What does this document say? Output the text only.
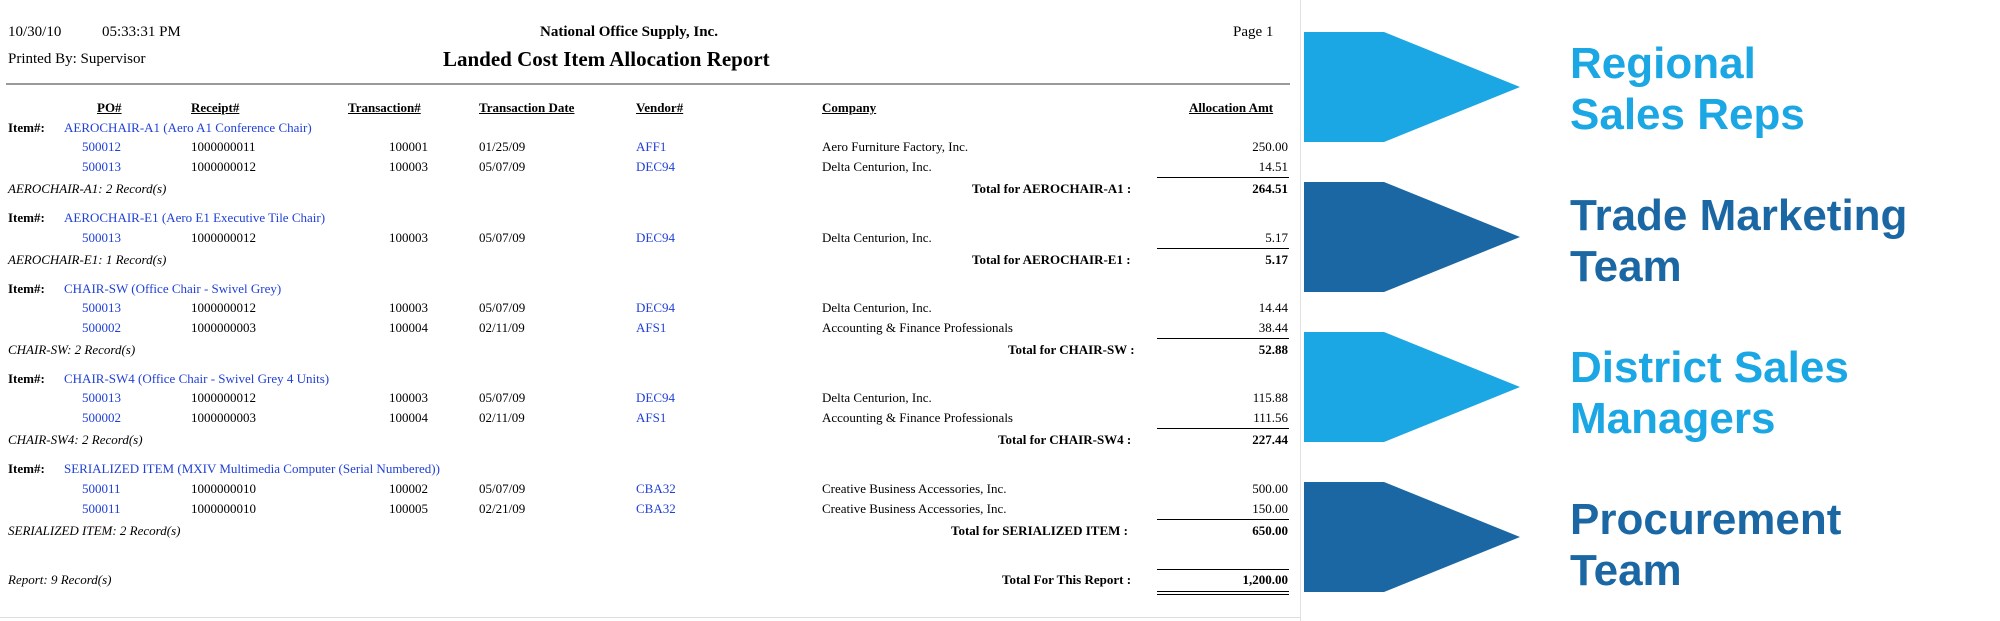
10/30/10	05:33:31 PM
Printed By: Supervisor
National Office Supply, Inc.
Landed Cost Item Allocation Report
Page 1
PO#	Receipt#	Transaction#	Transaction Date	Vendor#	Company	Allocation Amt
Item#: AEROCHAIR-A1 (Aero A1 Conference Chair)
500012	1000000011	100001	01/25/09	AFF1	Aero Furniture Factory, Inc.	250.00
500013	1000000012	100003	05/07/09	DEC94	Delta Centurion, Inc.	14.51
AEROCHAIR-A1: 2 Record(s)	Total for AEROCHAIR-A1 :	264.51
Item#: AEROCHAIR-E1 (Aero E1 Executive Tile Chair)
500013	1000000012	100003	05/07/09	DEC94	Delta Centurion, Inc.	5.17
AEROCHAIR-E1: 1 Record(s)	Total for AEROCHAIR-E1 :	5.17
Item#: CHAIR-SW (Office Chair - Swivel Grey)
500013	1000000012	100003	05/07/09	DEC94	Delta Centurion, Inc.	14.44
500002	1000000003	100004	02/11/09	AFS1	Accounting & Finance Professionals	38.44
CHAIR-SW: 2 Record(s)	Total for CHAIR-SW :	52.88
Item#: CHAIR-SW4 (Office Chair - Swivel Grey 4 Units)
500013	1000000012	100003	05/07/09	DEC94	Delta Centurion, Inc.	115.88
500002	1000000003	100004	02/11/09	AFS1	Accounting & Finance Professionals	111.56
CHAIR-SW4: 2 Record(s)	Total for CHAIR-SW4 :	227.44
Item#: SERIALIZED ITEM (MXIV Multimedia Computer (Serial Numbered))
500011	1000000010	100002	05/07/09	CBA32	Creative Business Accessories, Inc.	500.00
500011	1000000010	100005	02/21/09	CBA32	Creative Business Accessories, Inc.	150.00
SERIALIZED ITEM: 2 Record(s)	Total for SERIALIZED ITEM :	650.00
Report: 9 Record(s)	Total For This Report :	1,200.00
Regional
Sales Reps
Trade Marketing
Team
District Sales
Managers
Procurement
Team
